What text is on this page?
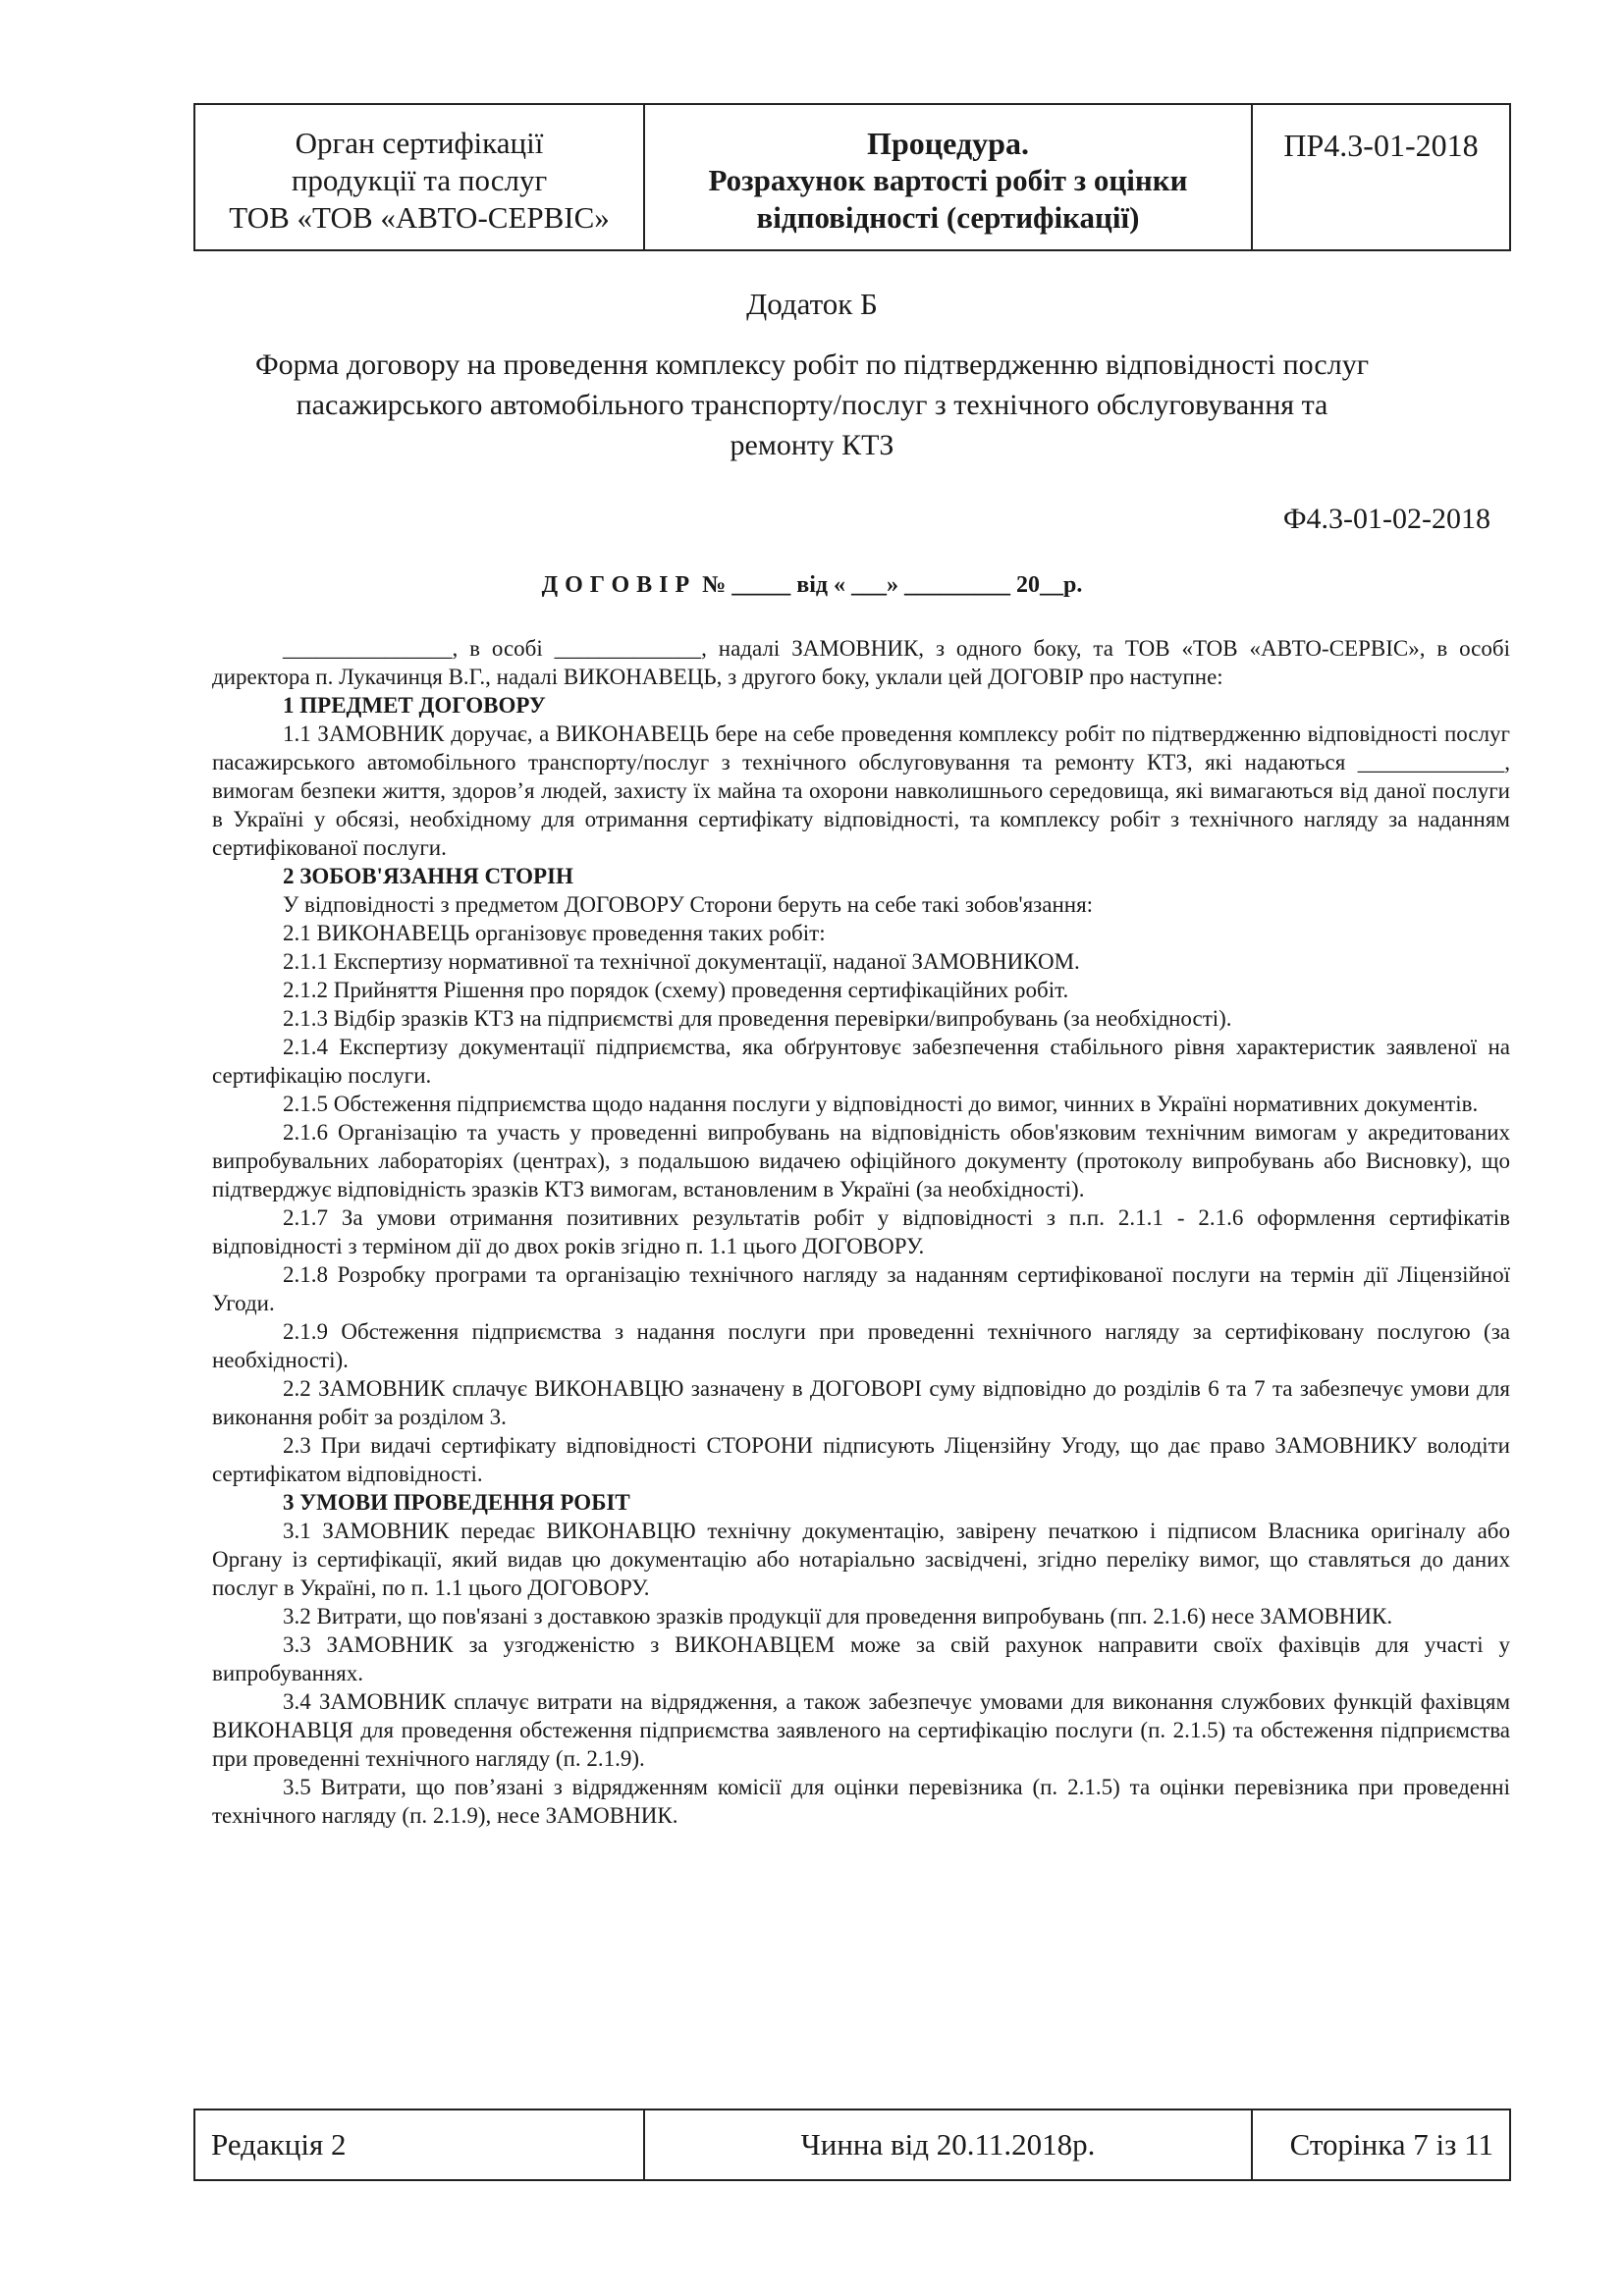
Орган сертифікації
продукції та послуг
ТОВ «ТОВ «АВТО-СЕРВІС»

Процедура.
Розрахунок вартості робіт з оцінки
відповідності (сертифікації)

ПР4.3-01-2018
Додаток Б
Форма договору на проведення комплексу робіт по підтвердженню відповідності послуг
пасажирського автомобільного транспорту/послуг з технічного обслуговування та
ремонту КТЗ
Ф4.3-01-02-2018
ДОГОВІР № _____ від « ___» _________ 20__р.

_______________, в особі _____________, надалі ЗАМОВНИК, з одного боку, та ТОВ «ТОВ «АВТО-СЕРВІС», в особі директора п. Лукачинця В.Г., надалі ВИКОНАВЕЦЬ, з другого боку, уклали цей ДОГОВІР про наступне:

1 ПРЕДМЕТ ДОГОВОРУ

1.1 ЗАМОВНИК доручає, а ВИКОНАВЕЦЬ бере на себе проведення комплексу робіт по підтвердженню відповідності послуг пасажирського автомобільного транспорту/послуг з технічного обслуговування та ремонту КТЗ, які надаються _____________, вимогам безпеки життя, здоров’я людей, захисту їх майна та охорони навколишнього середовища, які вимагаються від даної послуги в Україні у обсязі, необхідному для отримання сертифікату відповідності, та комплексу робіт з технічного нагляду за наданням сертифікованої послуги.

2 ЗОБОВ'ЯЗАННЯ СТОРІН

У відповідності з предметом ДОГОВОРУ Сторони беруть на себе такі зобов'язання:

2.1 ВИКОНАВЕЦЬ організовує проведення таких робіт:

2.1.1 Експертизу нормативної та технічної документації, наданої ЗАМОВНИКОМ.

2.1.2 Прийняття Рішення про порядок (схему) проведення сертифікаційних робіт.

2.1.3 Відбір зразків КТЗ на підприємстві для проведення перевірки/випробувань (за необхідності).

2.1.4 Експертизу документації підприємства, яка обґрунтовує забезпечення стабільного рівня характеристик заявленої на сертифікацію послуги.

2.1.5 Обстеження підприємства щодо надання послуги у відповідності до вимог, чинних в Україні нормативних документів.

2.1.6 Організацію та участь у проведенні випробувань на відповідність обов'язковим технічним вимогам у акредитованих випробувальних лабораторіях (центрах), з подальшою видачею офіційного документу (протоколу випробувань або Висновку), що підтверджує відповідність зразків КТЗ вимогам, встановленим в Україні (за необхідності).

2.1.7 За умови отримання позитивних результатів робіт у відповідності з п.п. 2.1.1 - 2.1.6 оформлення сертифікатів відповідності з терміном дії до двох років згідно п. 1.1 цього ДОГОВОРУ.

2.1.8 Розробку програми та організацію технічного нагляду за наданням сертифікованої послуги на термін дії Ліцензійної Угоди.

2.1.9 Обстеження підприємства з надання послуги при проведенні технічного нагляду за сертифіковану послугою (за необхідності).

2.2 ЗАМОВНИК сплачує ВИКОНАВЦЮ зазначену в ДОГОВОРІ суму відповідно до розділів 6 та 7 та забезпечує умови для виконання робіт за розділом 3.

2.3 При видачі сертифікату відповідності СТОРОНИ підписують Ліцензійну Угоду, що дає право ЗАМОВНИКУ володіти сертифікатом відповідності.

3 УМОВИ ПРОВЕДЕННЯ РОБІТ

3.1 ЗАМОВНИК передає ВИКОНАВЦЮ технічну документацію, завірену печаткою і підписом Власника оригіналу або Органу із сертифікації, який видав цю документацію або нотаріально засвідчені, згідно переліку вимог, що ставляться до даних послуг в Україні, по п. 1.1 цього ДОГОВОРУ.

3.2 Витрати, що пов'язані з доставкою зразків продукції для проведення випробувань (пп. 2.1.6) несе ЗАМОВНИК.

3.3 ЗАМОВНИК за узгодженістю з ВИКОНАВЦЕМ може за свій рахунок направити своїх фахівців для участі у випробуваннях.

3.4 ЗАМОВНИК сплачує витрати на відрядження, а також забезпечує умовами для виконання службових функцій фахівцям ВИКОНАВЦЯ для проведення обстеження підприємства заявленого на сертифікацію послуги (п. 2.1.5) та обстеження підприємства при проведенні технічного нагляду (п. 2.1.9).

3.5 Витрати, що пов’язані з відрядженням комісії для оцінки перевізника (п. 2.1.5) та оцінки перевізника при проведенні технічного нагляду (п. 2.1.9), несе ЗАМОВНИК.

Редакція 2	Чинна від 20.11.2018р.	Сторінка 7 із 11
